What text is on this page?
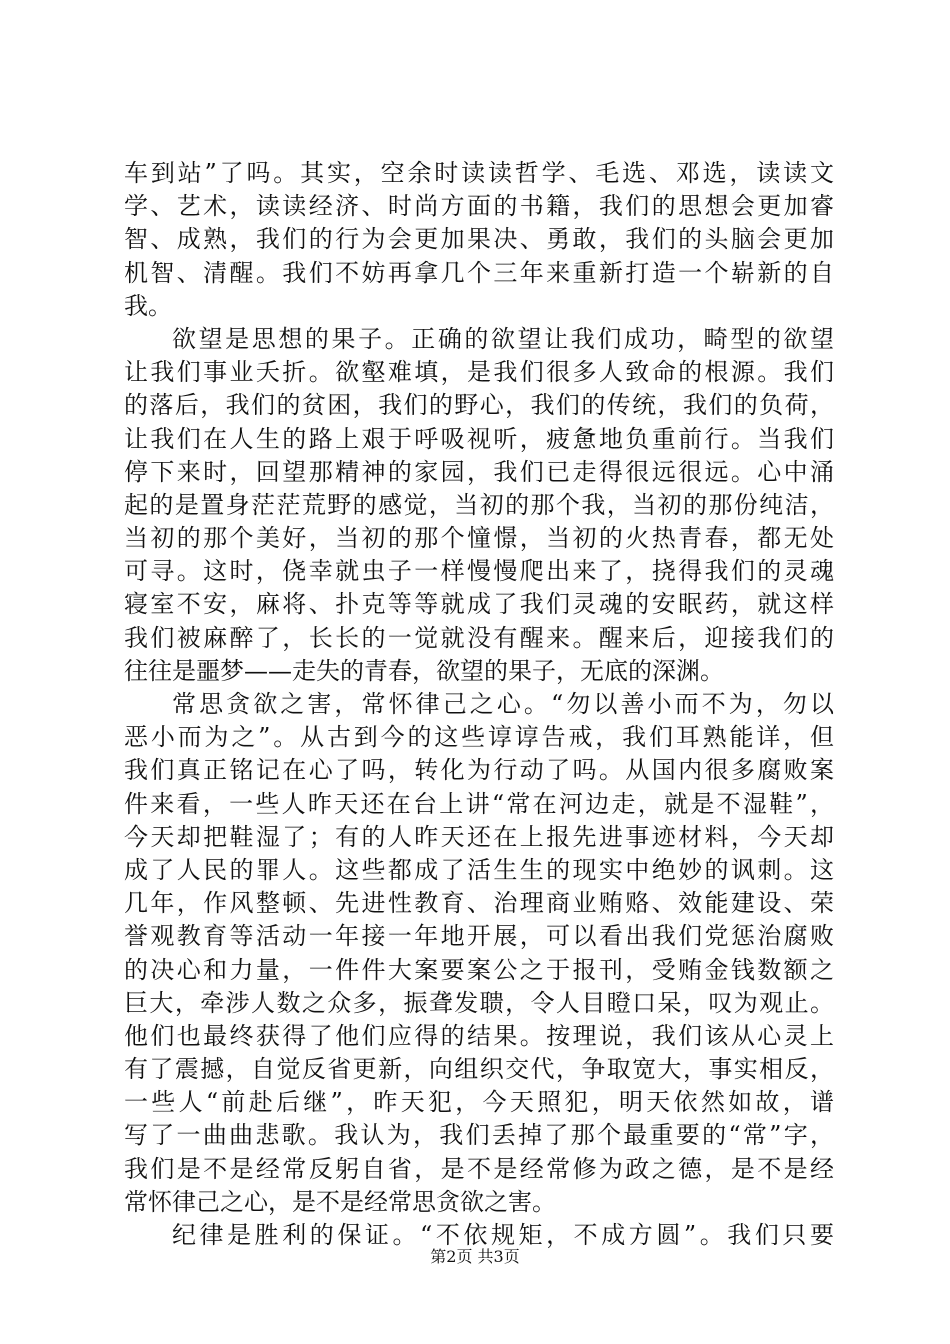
车到站”了吗。其实，空余时读读哲学、毛选、邓选，读读文
学、艺术，读读经济、时尚方面的书籍，我们的思想会更加睿
智、成熟，我们的行为会更加果决、勇敢，我们的头脑会更加
机智、清醒。我们不妨再拿几个三年来重新打造一个崭新的自
我。
欲望是思想的果子。正确的欲望让我们成功，畸型的欲望
让我们事业夭折。欲壑难填，是我们很多人致命的根源。我们
的落后，我们的贫困，我们的野心，我们的传统，我们的负荷，
让我们在人生的路上艰于呼吸视听，疲惫地负重前行。当我们
停下来时，回望那精神的家园，我们已走得很远很远。心中涌
起的是置身茫茫荒野的感觉，当初的那个我，当初的那份纯洁，
当初的那个美好，当初的那个憧憬，当初的火热青春，都无处
可寻。这时，侥幸就虫子一样慢慢爬出来了，挠得我们的灵魂
寝室不安，麻将、扑克等等就成了我们灵魂的安眠药，就这样
我们被麻醉了，长长的一觉就没有醒来。醒来后，迎接我们的
往往是噩梦——走失的青春，欲望的果子，无底的深渊。
常思贪欲之害，常怀律己之心。“勿以善小而不为，勿以
恶小而为之”。从古到今的这些谆谆告戒，我们耳熟能详，但
我们真正铭记在心了吗，转化为行动了吗。从国内很多腐败案
件来看，一些人昨天还在台上讲“常在河边走，就是不湿鞋”，
今天却把鞋湿了；有的人昨天还在上报先进事迹材料，今天却
成了人民的罪人。这些都成了活生生的现实中绝妙的讽刺。这
几年，作风整顿、先进性教育、治理商业贿赂、效能建设、荣
誉观教育等活动一年接一年地开展，可以看出我们党惩治腐败
的决心和力量，一件件大案要案公之于报刊，受贿金钱数额之
巨大，牵涉人数之众多，振聋发聩，令人目瞪口呆，叹为观止。
他们也最终获得了他们应得的结果。按理说，我们该从心灵上
有了震撼，自觉反省更新，向组织交代，争取宽大，事实相反，
一些人“前赴后继”，昨天犯，今天照犯，明天依然如故，谱
写了一曲曲悲歌。我认为，我们丢掉了那个最重要的“常”字，
我们是不是经常反躬自省，是不是经常修为政之德，是不是经
常怀律己之心，是不是经常思贪欲之害。
纪律是胜利的保证。“不依规矩，不成方圆”。我们只要
第2页 共3页
